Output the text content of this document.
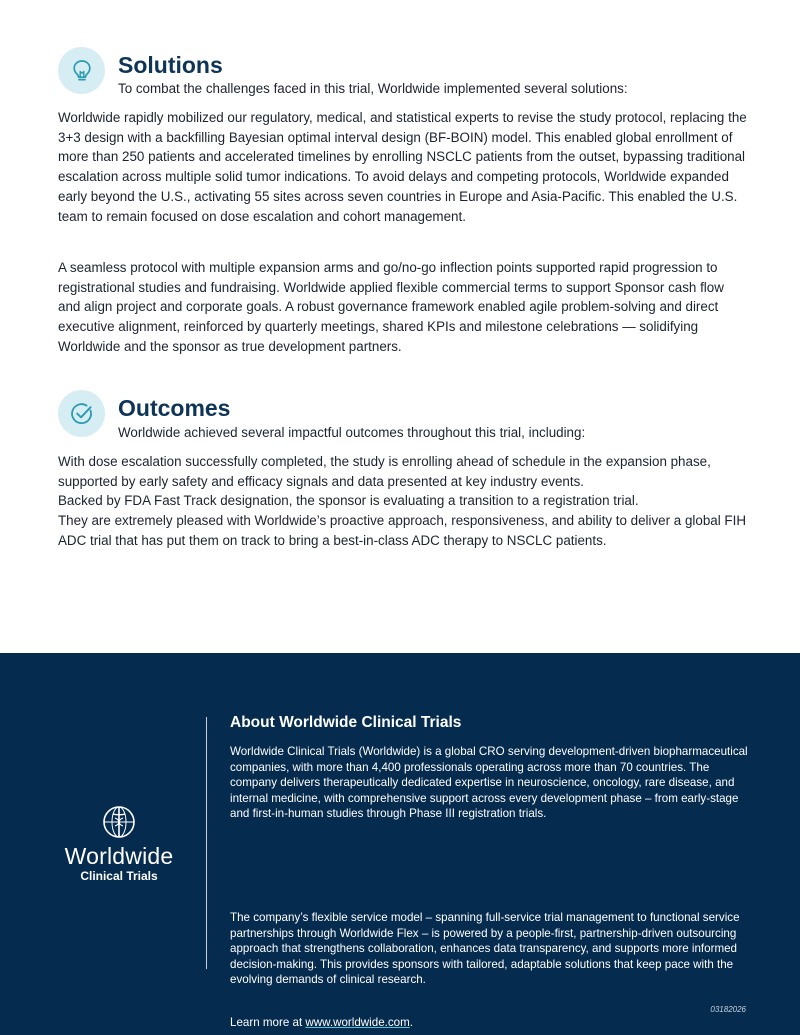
Solutions
To combat the challenges faced in this trial, Worldwide implemented several solutions:

Worldwide rapidly mobilized our regulatory, medical, and statistical experts to revise the study protocol, replacing the 3+3 design with a backfilling Bayesian optimal interval design (BF-BOIN) model. This enabled global enrollment of more than 250 patients and accelerated timelines by enrolling NSCLC patients from the outset, bypassing traditional escalation across multiple solid tumor indications. To avoid delays and competing protocols, Worldwide expanded early beyond the U.S., activating 55 sites across seven countries in Europe and Asia-Pacific. This enabled the U.S. team to remain focused on dose escalation and cohort management.

A seamless protocol with multiple expansion arms and go/no-go inflection points supported rapid progression to registrational studies and fundraising. Worldwide applied flexible commercial terms to support Sponsor cash flow and align project and corporate goals. A robust governance framework enabled agile problem-solving and direct executive alignment, reinforced by quarterly meetings, shared KPIs and milestone celebrations — solidifying Worldwide and the sponsor as true development partners.

Outcomes
Worldwide achieved several impactful outcomes throughout this trial, including:
With dose escalation successfully completed, the study is enrolling ahead of schedule in the expansion phase, supported by early safety and efficacy signals and data presented at key industry events.
Backed by FDA Fast Track designation, the sponsor is evaluating a transition to a registration trial.
They are extremely pleased with Worldwide’s proactive approach, responsiveness, and ability to deliver a global FIH ADC trial that has put them on track to bring a best-in-class ADC therapy to NSCLC patients.
Worldwide
Clinical Trials
About Worldwide Clinical Trials

Worldwide Clinical Trials (Worldwide) is a global CRO serving development-driven biopharmaceutical companies, with more than 4,400 professionals operating across more than 70 countries. The company delivers therapeutically dedicated expertise in neuroscience, oncology, rare disease, and internal medicine, with comprehensive support across every development phase – from early-stage and first-in-human studies through Phase III registration trials.

The company’s flexible service model – spanning full-service trial management to functional service partnerships through Worldwide Flex – is powered by a people-first, partnership-driven outsourcing approach that strengthens collaboration, enhances data transparency, and supports more informed decision-making. This provides sponsors with tailored, adaptable solutions that keep pace with the evolving demands of clinical research.

Learn more at www.worldwide.com.

03182026
